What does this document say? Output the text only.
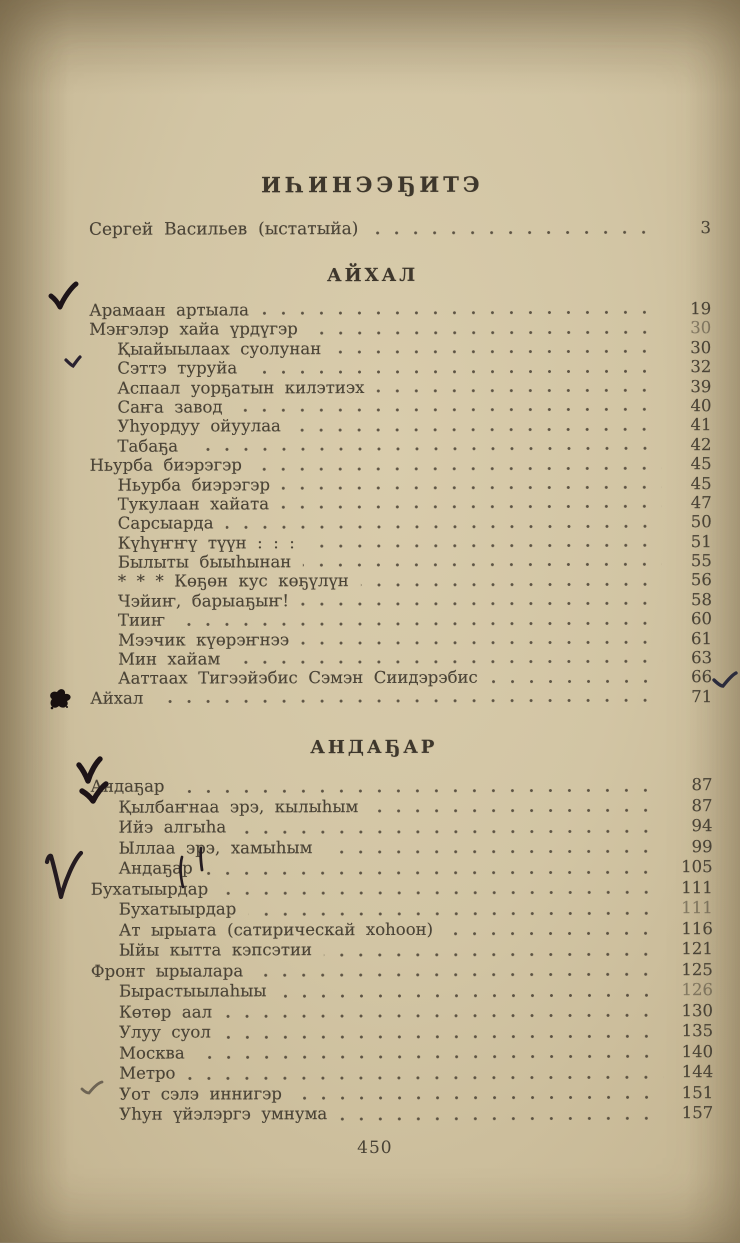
ИҺИНЭЭҔИТЭ
Сергей Васильев (ыстатыйа)	3
АЙХАЛ
Арамаан артыала	19
Мэҥэлэр хайа үрдүгэр	30
Қыайыылаах суолунан	30
Сэттэ туруйа	32
Аспаал уорҕатын килэтиэх	39
Саҥа завод	40
Уһуордуу ойуулаа	41
Табаҕа	42
Ньурба биэрэгэр	45
Ньурба биэрэгэр	45
Тукулаан хайата	47
Сарсыарда	50
Күһүҥҥү түүн : : :	51
Былыты быыһынан	55
* * * Көҕөн кус көҕүлүн	56
Чэйиҥ, барыаҕыҥ!	58
Тииҥ	60
Мээчик күөрэҥнээ	61
Мин хайам	63
Ааттаах Тигээйэбис Сэмэн Сиидэрэбис	66
Айхал	71
АНДАҔАР
Андаҕар	87
Қылбаҥнаа эрэ, кылыһым	87
Ийэ алгыһа	94
Ыллаа эрэ, хамыһым	99
Андаҕар	105
Бухатыырдар	111
Бухатыырдар	111
Ат ырыата (сатирическай хоһоон)	116
Ыйы кытта кэпсэтии	121
Фронт ырыалара	125
Бырастыылаһыы	126
Көтөр аал	130
Улуу суол	135
Москва	140
Метро	144
Уот сэлэ иннигэр	151
Уһун үйэлэргэ умнума	157
450
